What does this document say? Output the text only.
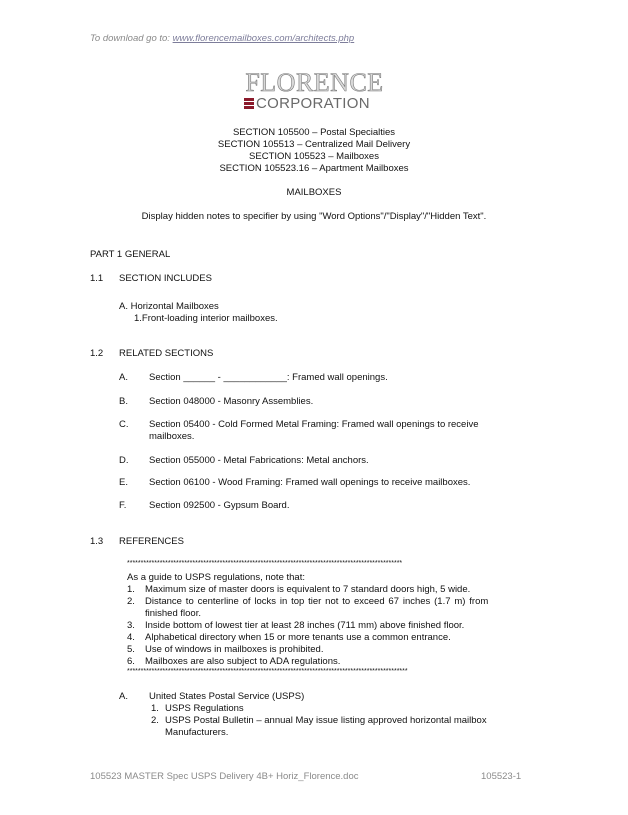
To download go to: www.florencemailboxes.com/architects.php
FLORENCE
CORPORATION
SECTION 105500 – Postal Specialties
SECTION 105513 – Centralized Mail Delivery
SECTION 105523 – Mailboxes
SECTION 105523.16 – Apartment Mailboxes
MAILBOXES
Display hidden notes to specifier by using "Word Options"/"Display"/"Hidden Text".
PART 1 GENERAL
1.1 SECTION INCLUDES
A. Horizontal Mailboxes
1.Front-loading interior mailboxes.
1.2 RELATED SECTIONS
A. Section ______ - ____________: Framed wall openings.
B. Section 048000 - Masonry Assemblies.
C. Section 05400 - Cold Formed Metal Framing: Framed wall openings to receive
mailboxes.
D. Section 055000 - Metal Fabrications: Metal anchors.
E. Section 06100 - Wood Framing: Framed wall openings to receive mailboxes.
F. Section 092500 - Gypsum Board.
1.3 REFERENCES
*****************************************************************************************************
As a guide to USPS regulations, note that:
1. Maximum size of master doors is equivalent to 7 standard doors high, 5 wide.
2. Distance to centerline of locks in top tier not to exceed 67 inches (1.7 m) from
finished floor.
3. Inside bottom of lowest tier at least 28 inches (711 mm) above finished floor.
4. Alphabetical directory when 15 or more tenants use a common entrance.
5. Use of windows in mailboxes is prohibited.
6. Mailboxes are also subject to ADA regulations.
*******************************************************************************************************
A. United States Postal Service (USPS)
1. USPS Regulations
2. USPS Postal Bulletin – annual May issue listing approved horizontal mailbox
Manufacturers.
105523 MASTER Spec USPS Delivery 4B+ Horiz_Florence.doc	105523-1
